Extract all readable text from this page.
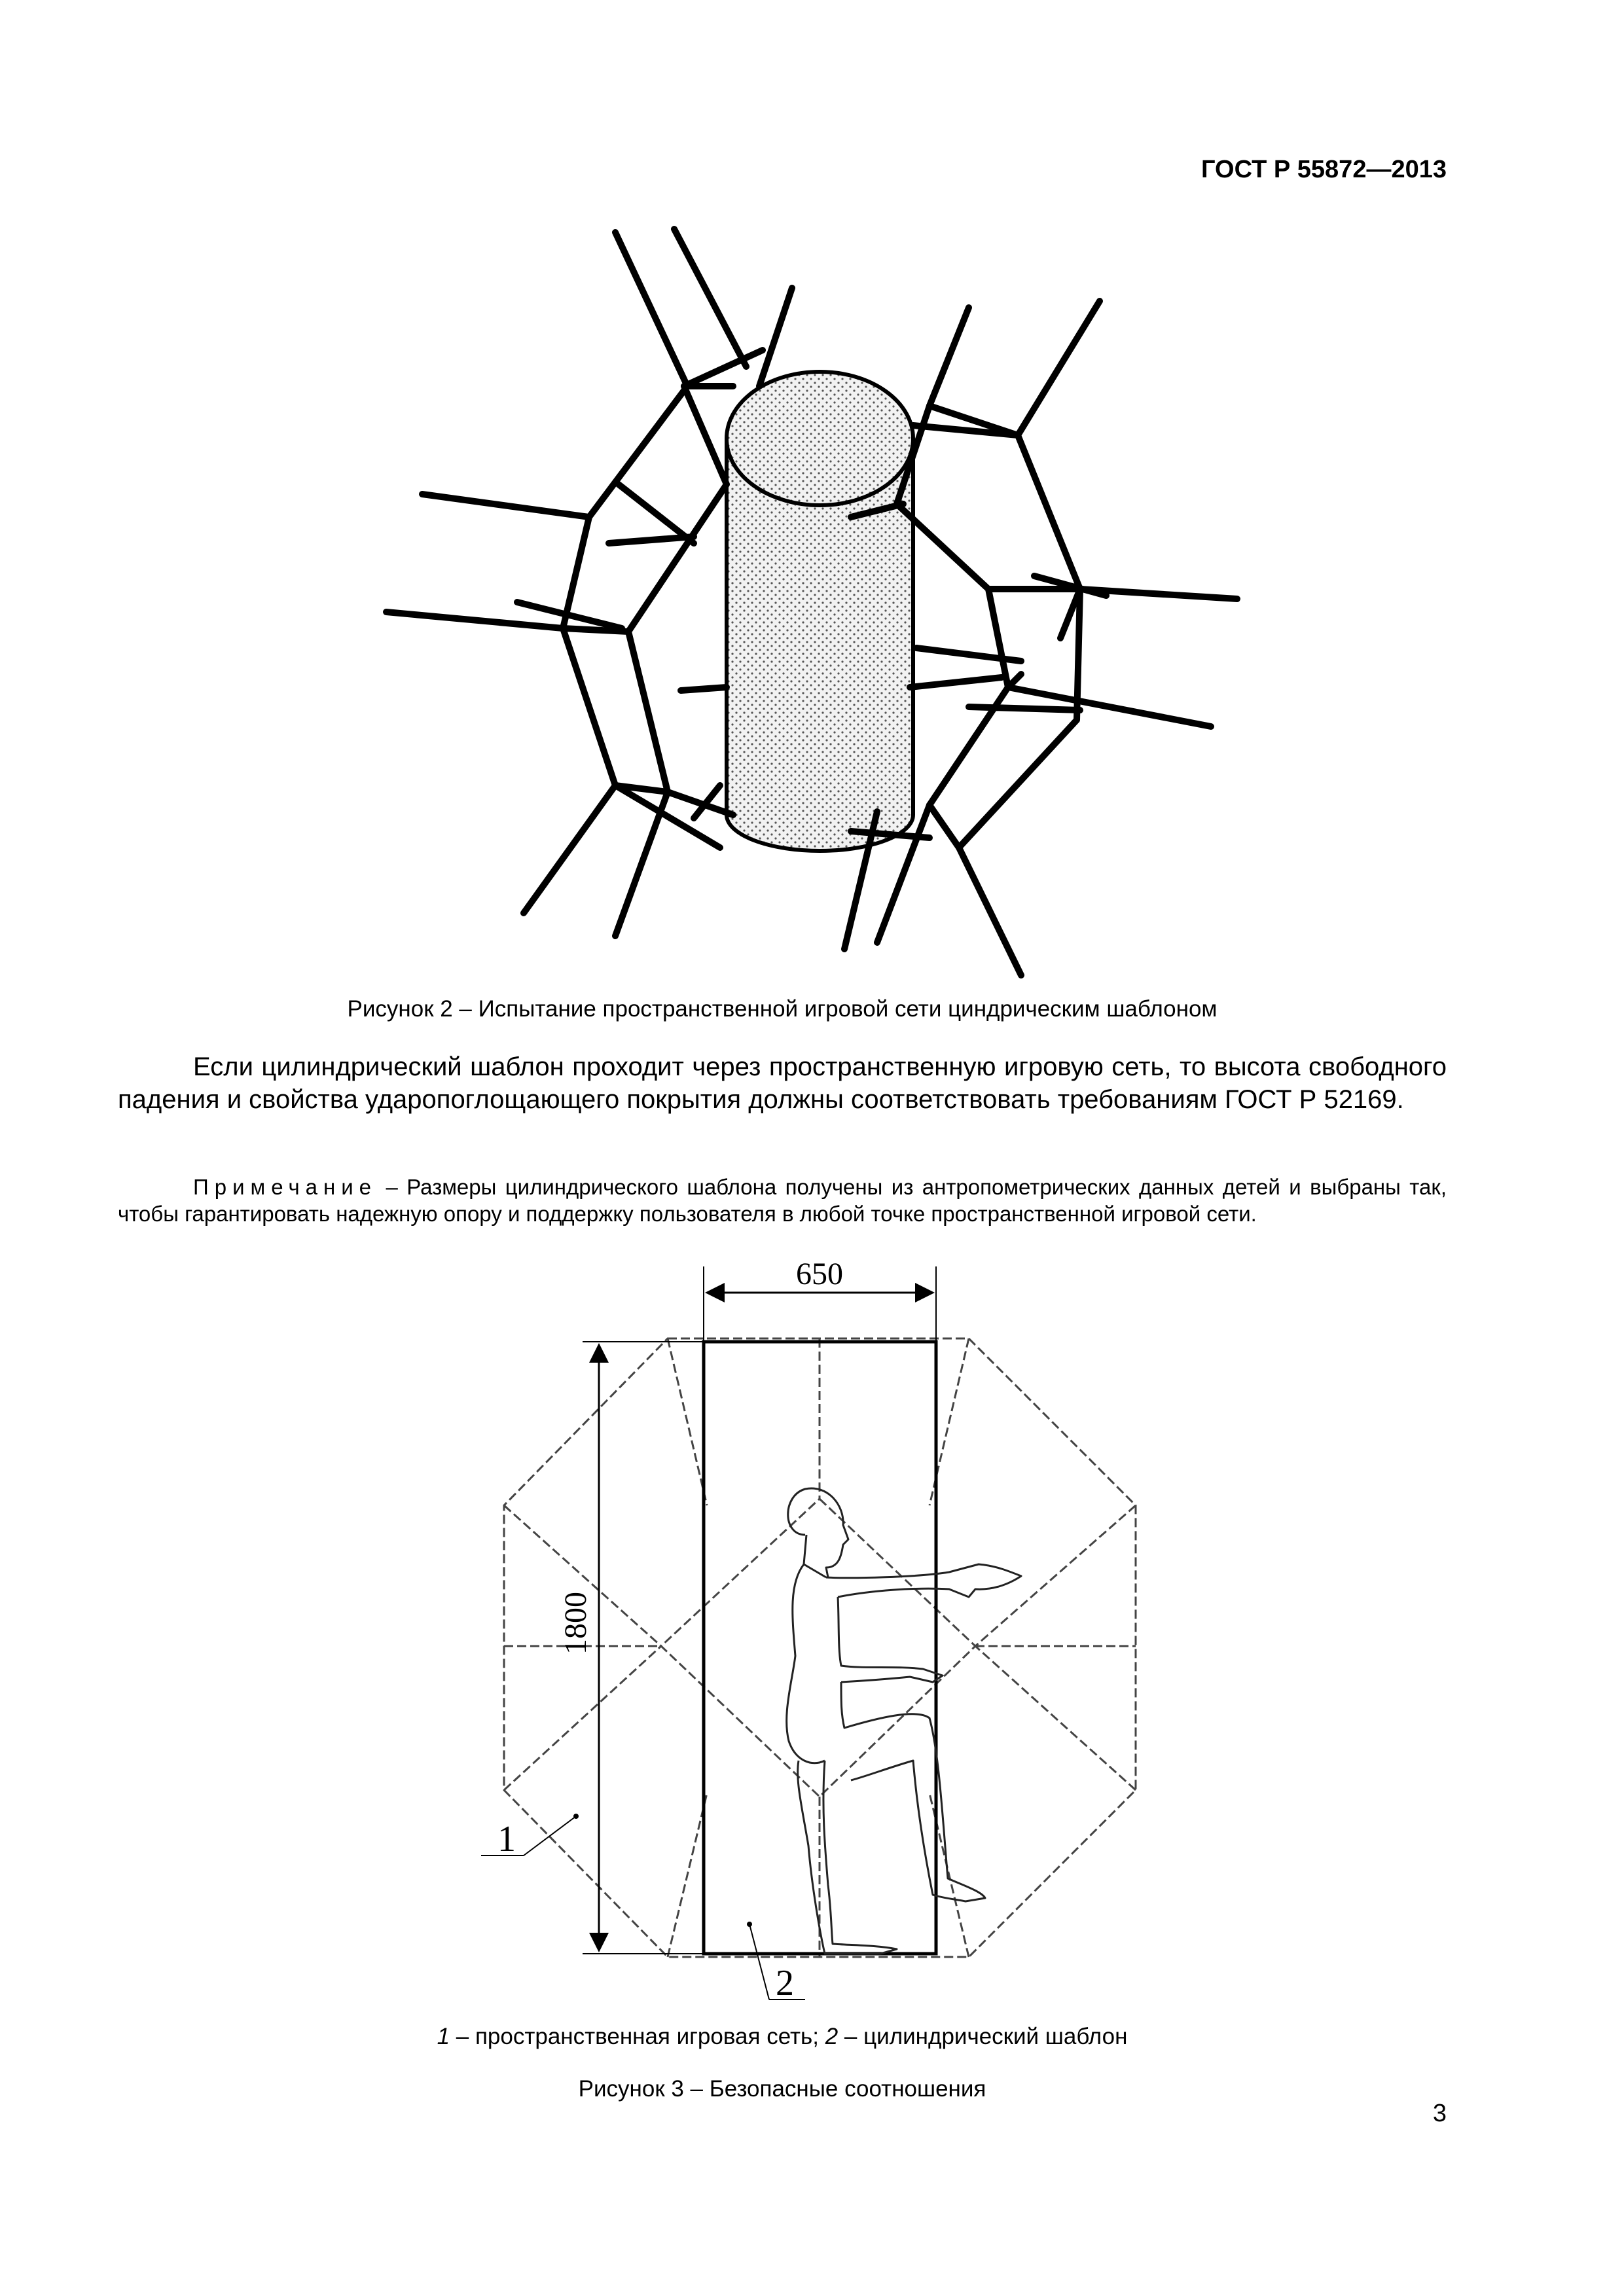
ГОСТ Р 55872—2013
Рисунок 2 – Испытание пространственной игровой сети циндрическим шаблоном
Если цилиндрический шаблон проходит через пространственную игровую сеть, то высота свободного падения и свойства ударопоглощающего покрытия должны соответствовать требованиям ГОСТ Р 52169.
Примечание – Размеры цилиндрического шаблона получены из антропометрических данных детей и выбраны так, чтобы гарантировать надежную опору и поддержку пользователя в любой точке пространственной игровой сети.
650
1800
1
2
1 – пространственная игровая сеть; 2 – цилиндрический шаблон
Рисунок 3 – Безопасные соотношения
3
